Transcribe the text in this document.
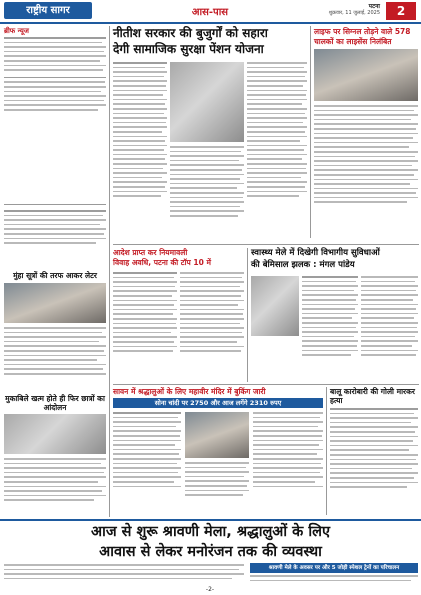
राष्ट्रीय सागर	आस-पास
पटना
शुक्रवार, 11 जुलाई, 2025	2
ब्रीफ न्यूज
मुंहा सूत्रों की तरफ आकर लेटर
मुकाबिले खत्म होते ही फिर छात्रों का आंदोलन
नीतीश सरकार की बुजुर्गों को सहारा
देगी सामाजिक सुरक्षा पेंशन योजना
लाइफ पर सिग्नल तोड़ने वाले 578
चालकों का लाइसेंस निलंबित
आदेश प्राप्त कर नियमावली
विवाह अवधि, पटना की टॉप 10 में
स्वास्थ्य मेले में दिखेगी विभागीय सुविधाओं
की बेमिसाल झलक : मंगल पांडेय
सावन में श्रद्धालुओं के लिए महावीर मंदिर में बुकिंग जारी
सोना चांदी पर 2750 और आज लगेंगे 2310 रुपए
बालू कारोबारी की गोली मारकर हत्या
आज से शुरू श्रावणी मेला, श्रद्धालुओं के लिए
आवास से लेकर मनोरंजन तक की व्यवस्था
श्रावणी मेले के अवसर पर और 5 जोड़ी स्पेशल ट्रेनों का परिचालन
-2-
